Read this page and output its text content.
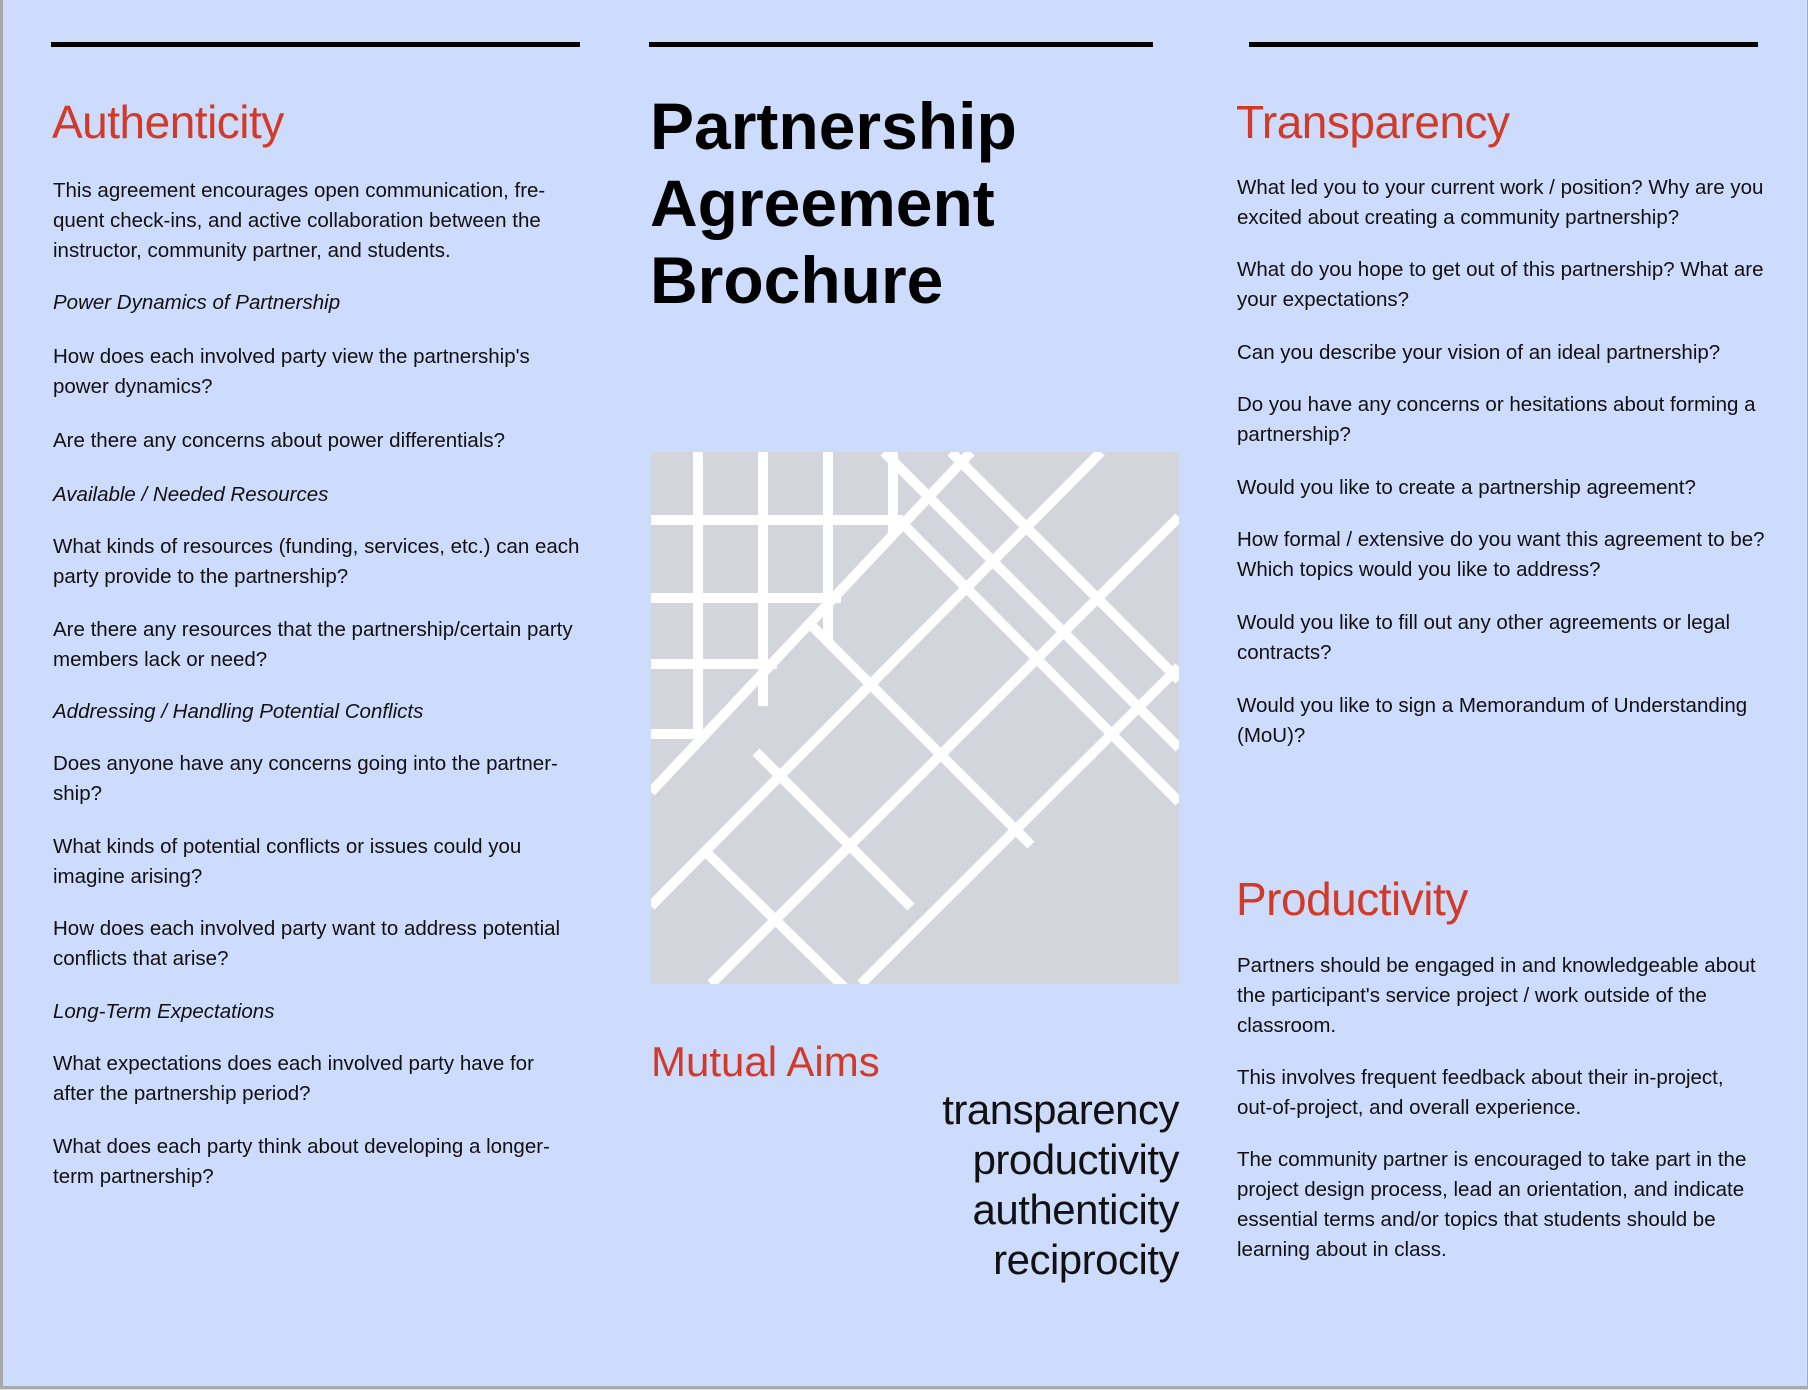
Authenticity

This agreement encourages open communication, fre-quent check-ins, and active collaboration between the instructor, community partner, and students.

Power Dynamics of Partnership

How does each involved party view the partnership's power dynamics?

Are there any concerns about power differentials?

Available / Needed Resources

What kinds of resources (funding, services, etc.) can each party provide to the partnership?

Are there any resources that the partnership/certain party members lack or need?

Addressing / Handling Potential Conflicts

Does anyone have any concerns going into the partner-ship?

What kinds of potential conflicts or issues could you imagine arising?

How does each involved party want to address potential conflicts that arise?

Long-Term Expectations

What expectations does each involved party have for after the partnership period?

What does each party think about developing a longer-term partnership?

Partnership
Agreement
Brochure
Mutual Aims
transparency
productivity
authenticity
reciprocity
Transparency

What led you to your current work / position? Why are you excited about creating a community partnership?

What do you hope to get out of this partnership? What are your expectations?

Can you describe your vision of an ideal partnership?

Do you have any concerns or hesitations about forming a partnership?

Would you like to create a partnership agreement?

How formal / extensive do you want this agreement to be? Which topics would you like to address?

Would you like to fill out any other agreements or legal contracts?

Would you like to sign a Memorandum of Understanding (MoU)?

Productivity

Partners should be engaged in and knowledgeable about the participant's service project / work outside of the classroom.

This involves frequent feedback about their in-project, out-of-project, and overall experience.

The community partner is encouraged to take part in the project design process, lead an orientation, and indicate essential terms and/or topics that students should be learning about in class.
